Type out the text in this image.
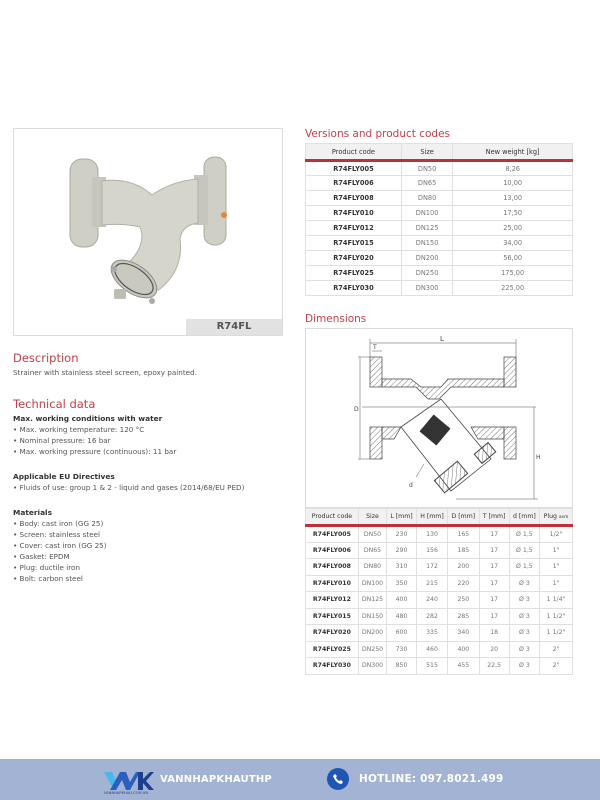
R74FL
Description
Strainer with stainless steel screen, epoxy painted.
Technical data
Max. working conditions with water
• Max. working temperature: 120 °C
• Nominal pressure: 16 bar
• Max. working pressure (continuous): 11 bar
Applicable EU Directives
• Fluids of use: group 1 & 2 - liquid and gases (2014/68/EU PED)
Materials
• Body: cast iron (GG 25)
• Screen: stainless steel
• Cover: cast iron (GG 25)
• Gasket: EPDM
• Plug: ductile iron
• Bolt: carbon steel
Versions and product codes
Product code	Size	New weight [kg]
R74FLY005	DN50	8,26
R74FLY006	DN65	10,00
R74FLY008	DN80	13,00
R74FLY010	DN100	17,50
R74FLY012	DN125	25,00
R74FLY015	DN150	34,00
R74FLY020	DN200	56,00
R74FLY025	DN250	175,00
R74FLY030	DN300	225,00
Dimensions
L
T
D
H
d
Product code	Size	L [mm]	H [mm]	D [mm]	T [mm]	d [mm]	Plug asm
R74FLY005	DN50	230	130	165	17	Ø 1,5	1/2"
R74FLY006	DN65	290	156	185	17	Ø 1,5	1"
R74FLY008	DN80	310	172	200	17	Ø 1,5	1"
R74FLY010	DN100	350	215	220	17	Ø 3	1"
R74FLY012	DN125	400	240	250	17	Ø 3	1 1/4"
R74FLY015	DN150	480	282	285	17	Ø 3	1 1/2"
R74FLY020	DN200	600	335	340	18	Ø 3	1 1/2"
R74FLY025	DN250	730	460	400	20	Ø 3	2"
R74FLY030	DN300	850	515	455	22,5	Ø 3	2"
VANNHAPKHAUTHP
VANNHAPKHAU.COM.VN
HOTLINE: 097.8021.499
